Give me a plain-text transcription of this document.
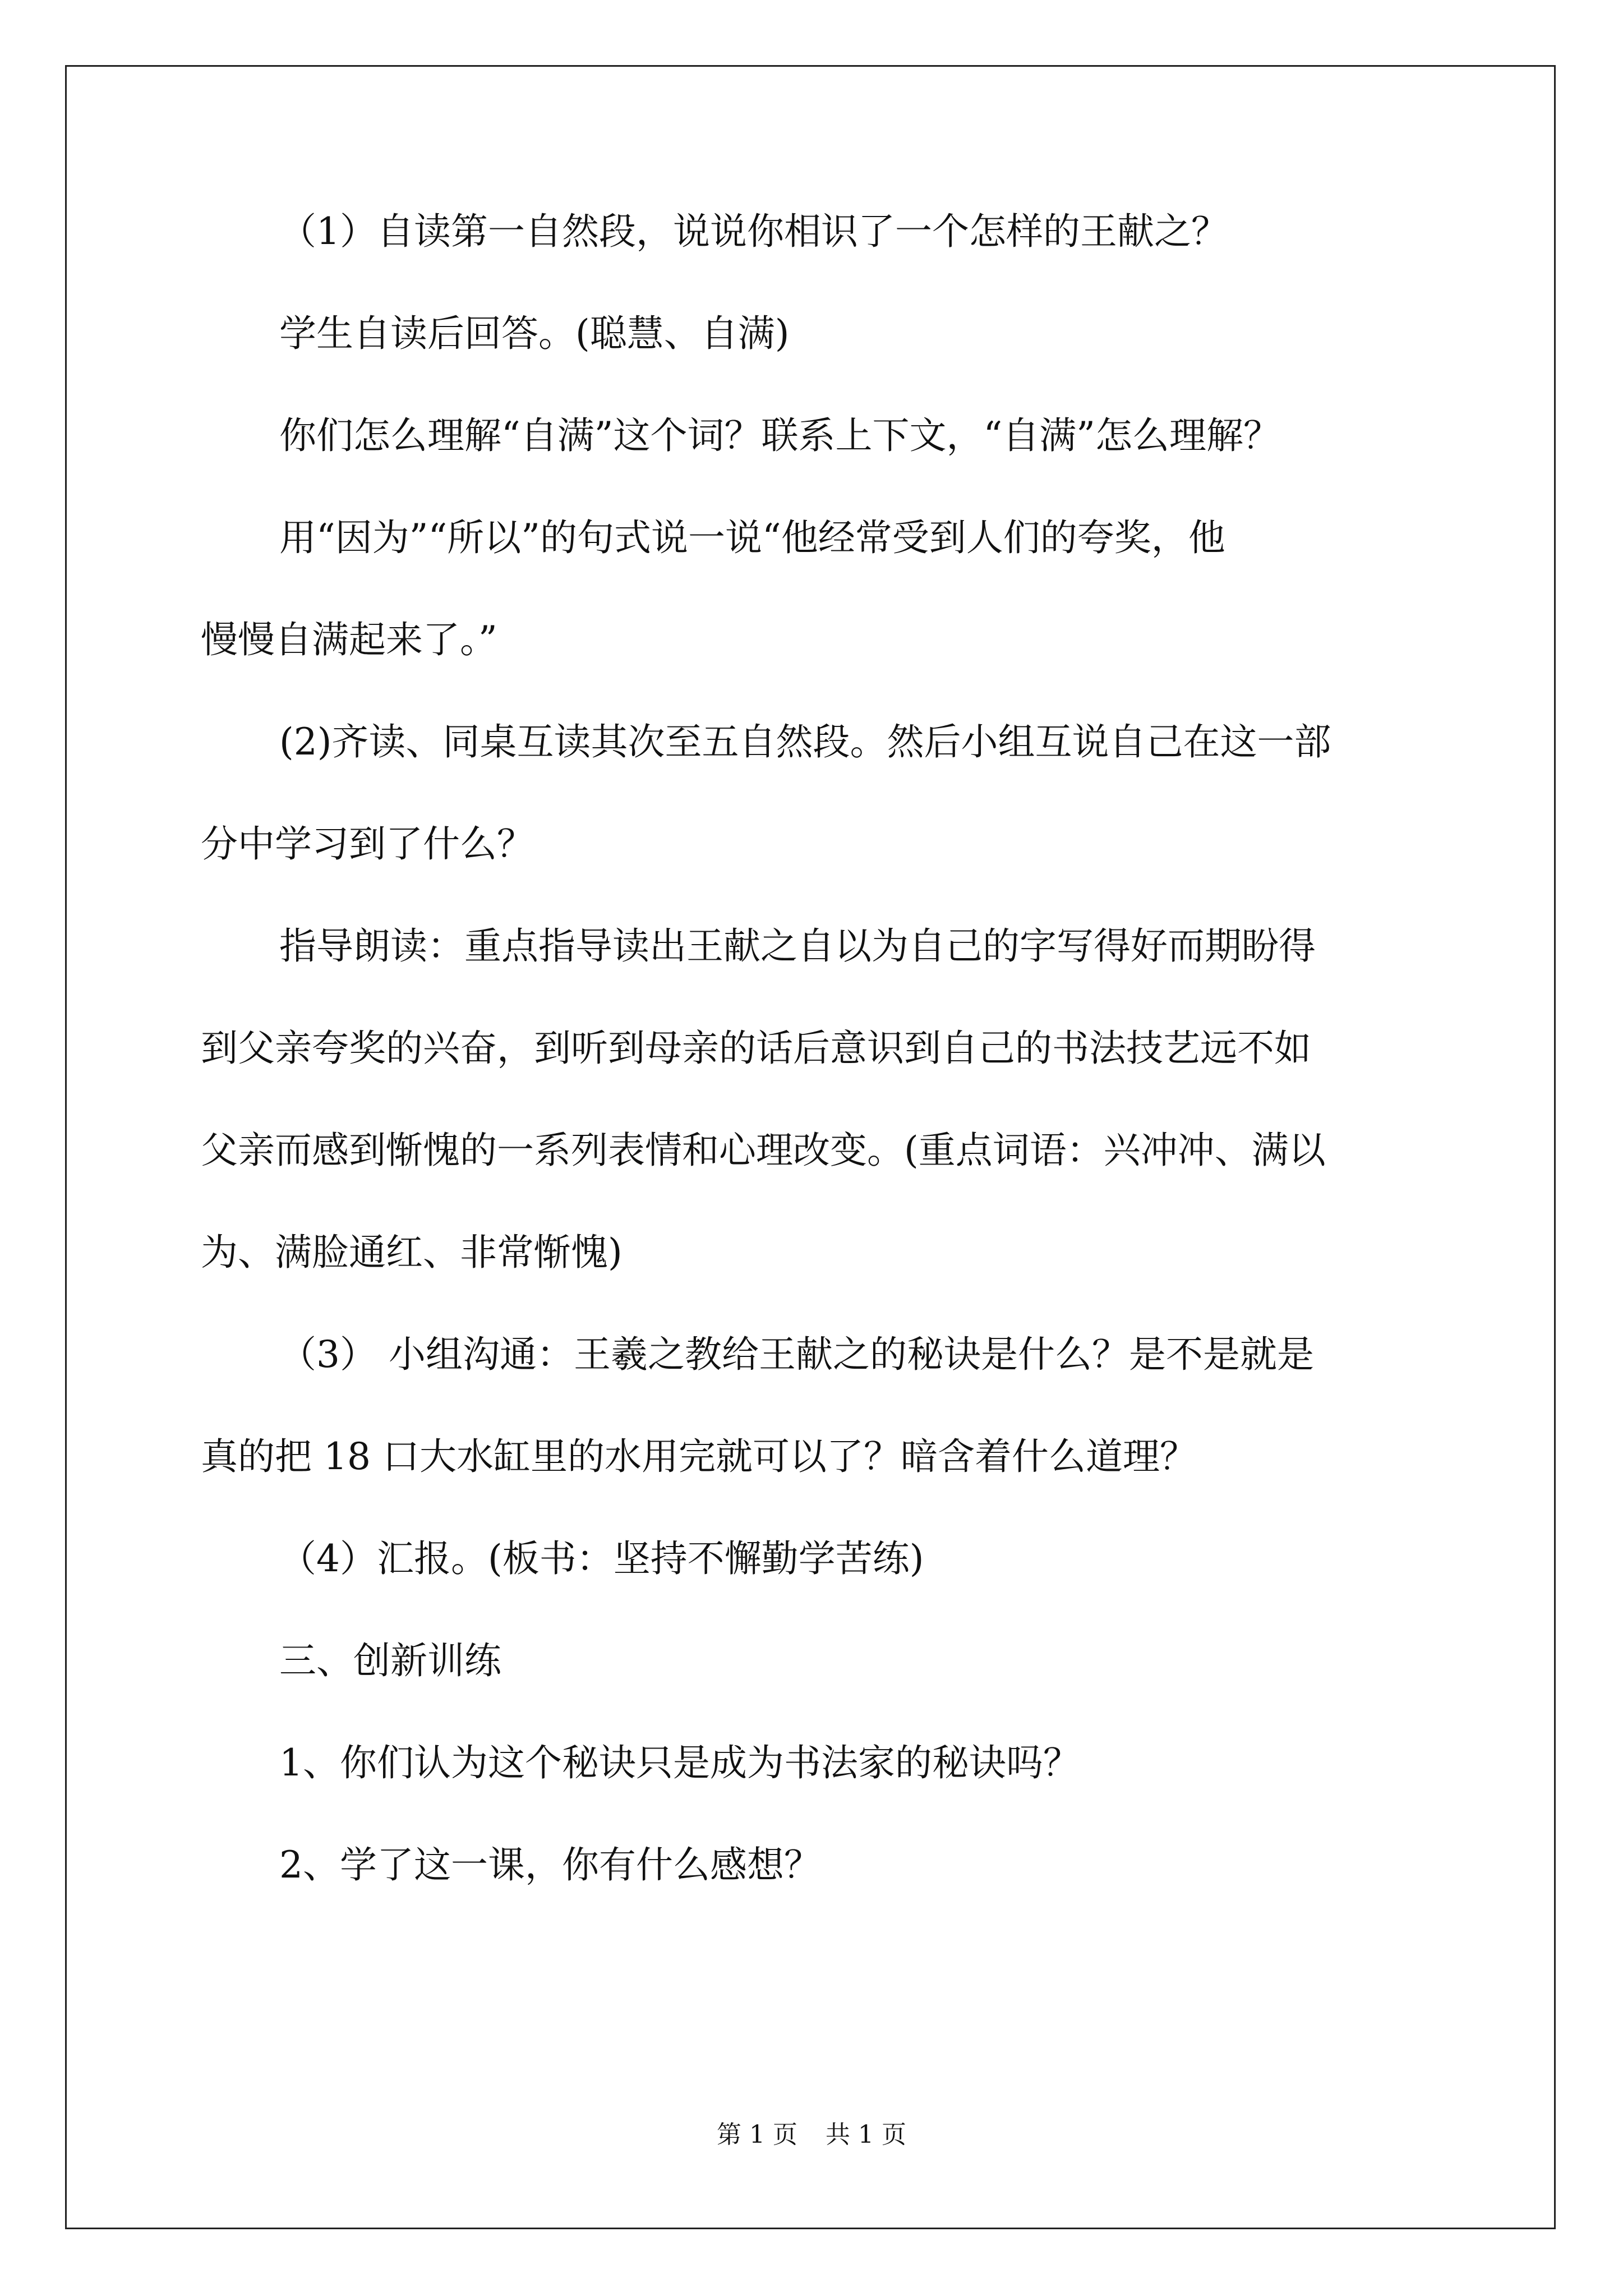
（1）自读第一自然段，说说你相识了一个怎样的王献之？

学生自读后回答。(聪慧、自满)

你们怎么理解“自满”这个词？联系上下文，“自满”怎么理解？

用“因为”“所以”的句式说一说“他经常受到人们的夸奖，他

慢慢自满起来了。”

(2)齐读、同桌互读其次至五自然段。然后小组互说自己在这一部

分中学习到了什么？

指导朗读：重点指导读出王献之自以为自己的字写得好而期盼得

到父亲夸奖的兴奋，到听到母亲的话后意识到自己的书法技艺远不如

父亲而感到惭愧的一系列表情和心理改变。(重点词语：兴冲冲、满以

为、满脸通红、非常惭愧)

（3） 小组沟通：王羲之教给王献之的秘诀是什么？是不是就是

真的把 18 口大水缸里的水用完就可以了？暗含着什么道理？

（4）汇报。(板书：坚持不懈勤学苦练)

三、创新训练

1、你们认为这个秘诀只是成为书法家的秘诀吗？

2、学了这一课，你有什么感想？

第 1 页 共 1 页
